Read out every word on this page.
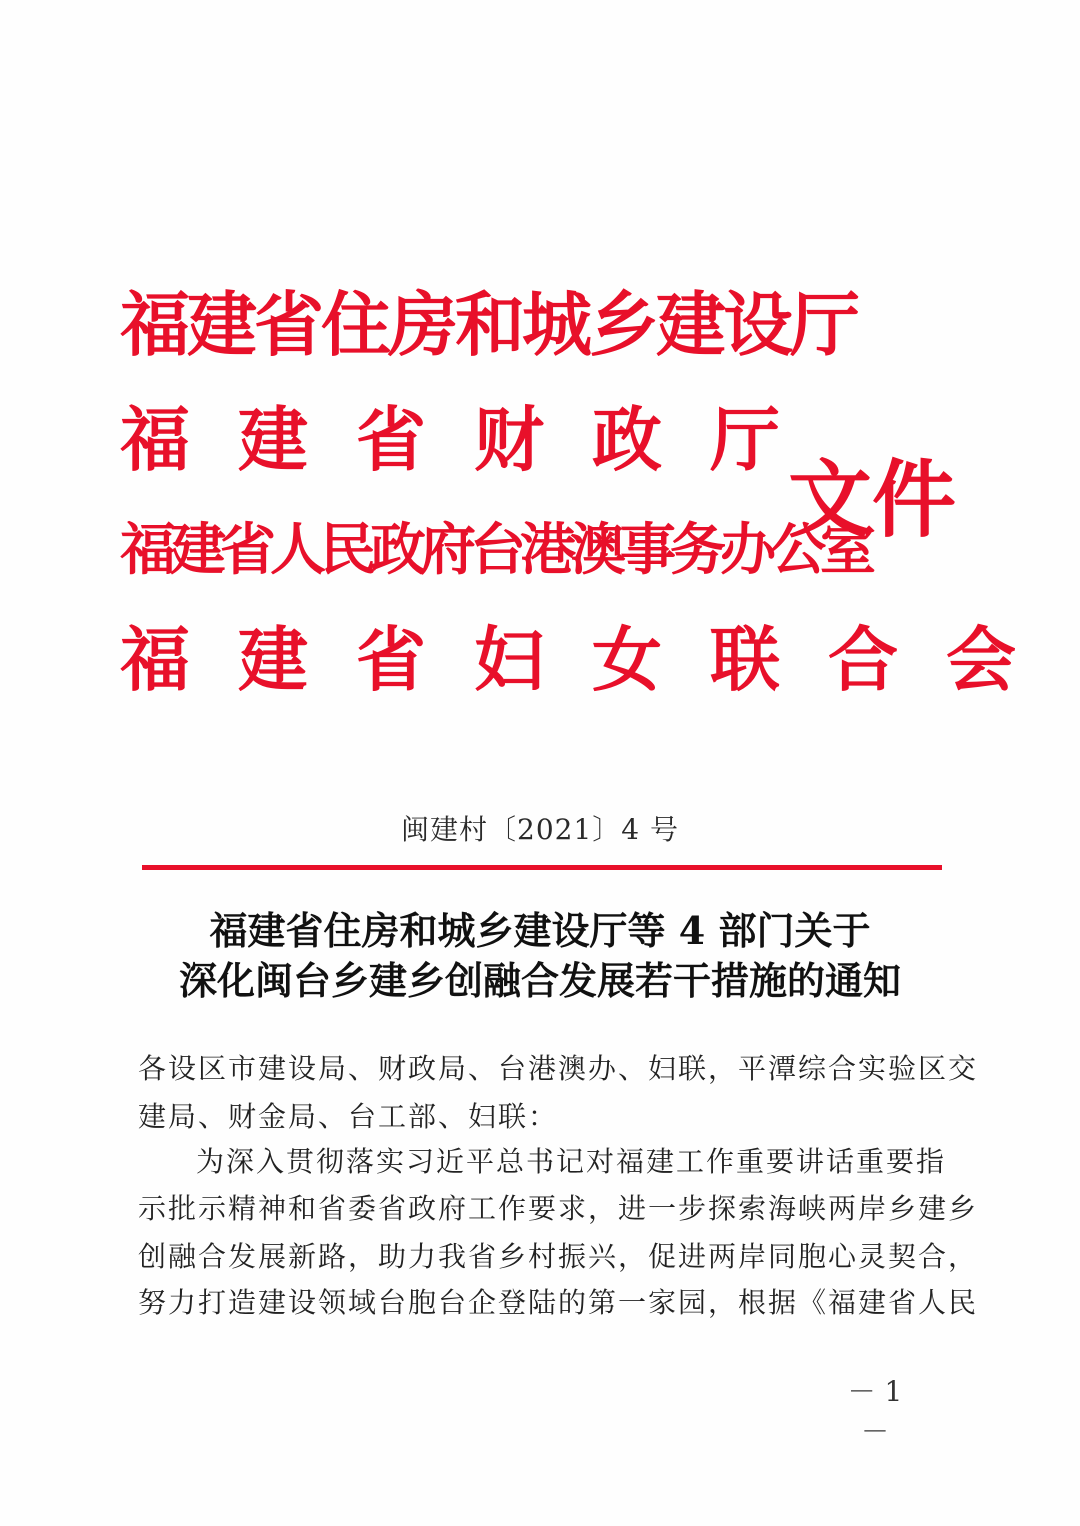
福建省住房和城乡建设厅
福建省财政厅
福建省人民政府台港澳事务办公室
福建省妇女联合会
文件
闽建村〔2021〕4 号
福建省住房和城乡建设厅等 4 部门关于
深化闽台乡建乡创融合发展若干措施的通知
各设区市建设局、财政局、台港澳办、妇联，平潭综合实验区交
建局、财金局、台工部、妇联：
为深入贯彻落实习近平总书记对福建工作重要讲话重要指
示批示精神和省委省政府工作要求，进一步探索海峡两岸乡建乡
创融合发展新路，助力我省乡村振兴，促进两岸同胞心灵契合，
努力打造建设领域台胞台企登陆的第一家园，根据《福建省人民
－ 1 －
